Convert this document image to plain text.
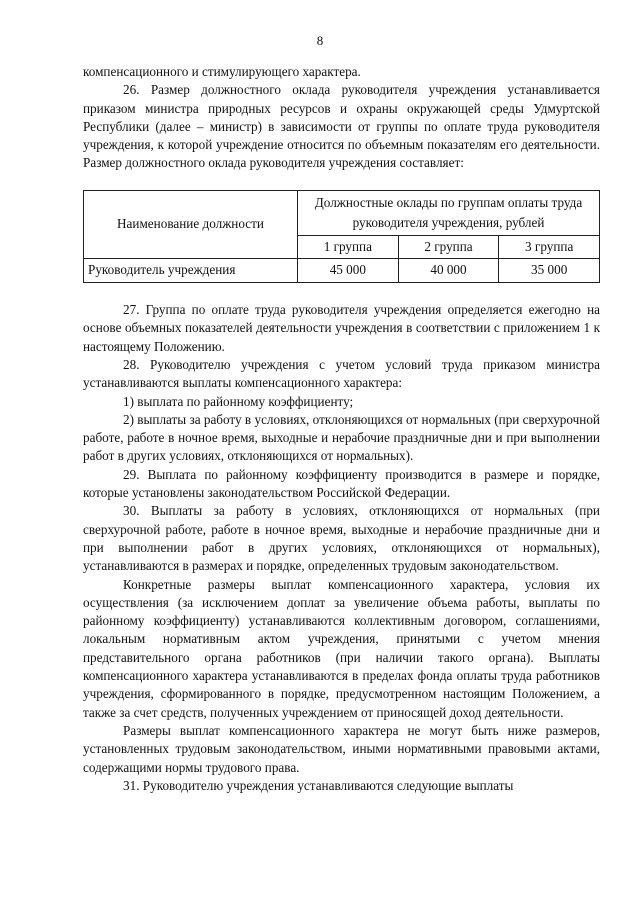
8

компенсационного и стимулирующего характера.

26. Размер должностного оклада руководителя учреждения устанавливается приказом министра природных ресурсов и охраны окружающей среды Удмуртской Республики (далее – министр) в зависимости от группы по оплате труда руководителя учреждения, к которой учреждение относится по объемным показателям его деятельности. Размер должностного оклада руководителя учреждения составляет:

Наименование должности	Должностные оклады по группам оплаты труда руководителя учреждения, рублей		
	1 группа	2 группа	3 группа
Руководитель учреждения	45 000	40 000	35 000

27. Группа по оплате труда руководителя учреждения определяется ежегодно на основе объемных показателей деятельности учреждения в соответствии с приложением 1 к настоящему Положению.

28. Руководителю учреждения с учетом условий труда приказом министра устанавливаются выплаты компенсационного характера:

1) выплата по районному коэффициенту;

2) выплаты за работу в условиях, отклоняющихся от нормальных (при сверхурочной работе, работе в ночное время, выходные и нерабочие праздничные дни и при выполнении работ в других условиях, отклоняющихся от нормальных).

29. Выплата по районному коэффициенту производится в размере и порядке, которые установлены законодательством Российской Федерации.

30. Выплаты за работу в условиях, отклоняющихся от нормальных (при сверхурочной работе, работе в ночное время, выходные и нерабочие праздничные дни и при выполнении работ в других условиях, отклоняющихся от нормальных), устанавливаются в размерах и порядке, определенных трудовым законодательством.

Конкретные размеры выплат компенсационного характера, условия их осуществления (за исключением доплат за увеличение объема работы, выплаты по районному коэффициенту) устанавливаются коллективным договором, соглашениями, локальным нормативным актом учреждения, принятыми с учетом мнения представительного органа работников (при наличии такого органа). Выплаты компенсационного характера устанавливаются в пределах фонда оплаты труда работников учреждения, сформированного в порядке, предусмотренном настоящим Положением, а также за счет средств, полученных учреждением от приносящей доход деятельности.

Размеры выплат компенсационного характера не могут быть ниже размеров, установленных трудовым законодательством, иными нормативными правовыми актами, содержащими нормы трудового права.

31. Руководителю учреждения устанавливаются следующие выплаты
